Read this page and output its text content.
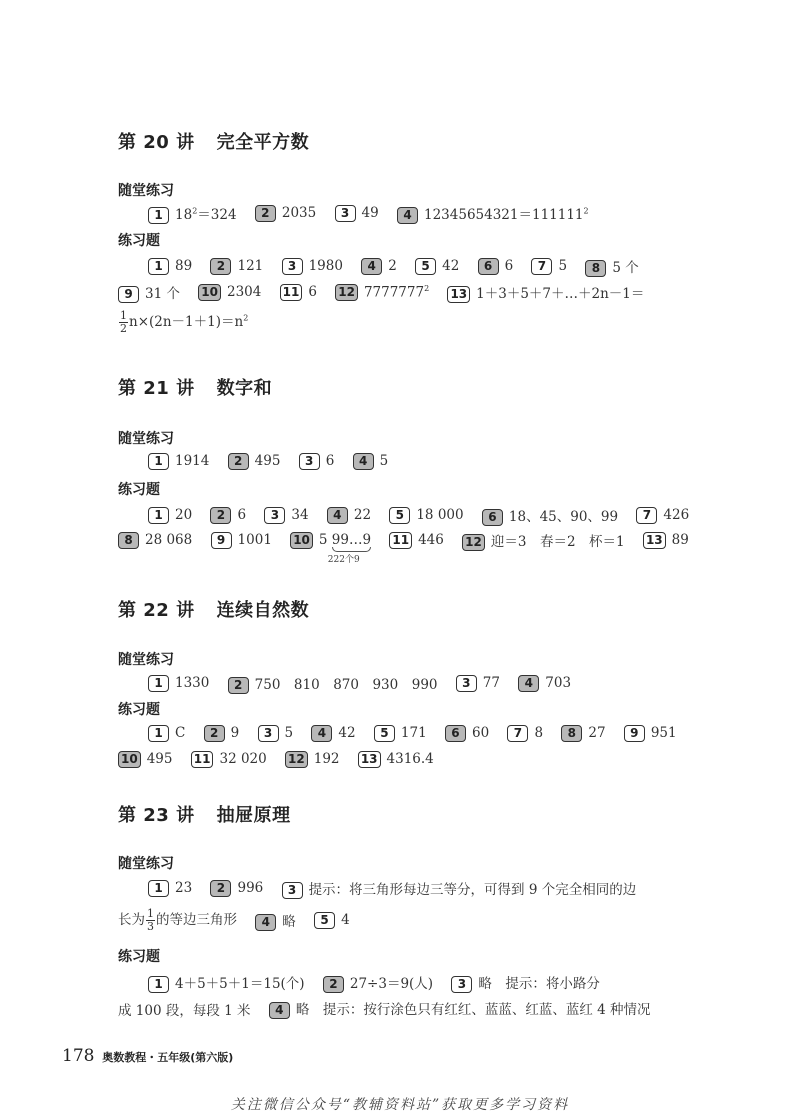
第 20 讲 完全平方数
随堂练习
1 $18^2=324$ 2 2035 3 49 4 $12345654321=111111^2$
练习题
1 89 2 121 3 1980 4 2 5 42 6 6 7 5 8 5 个
9 31 个 10 2304 11 6 12 7777777$^2$ 13 1＋3＋5＋7＋…＋2n－1＝
$\frac{1}{2} n\times(2n-1+1)=n^2$
第 21 讲 数字和
随堂练习
1 1914 2 495 3 6 4 5
练习题
1 20 2 6 3 34 4 22 5 18 000 6 18、45、90、99 7 426
8 28 068 9 1001 10 5 99…9
222个9
11 446 12 迎＝3　春＝2　杯＝1 13 89
第 22 讲 连续自然数
随堂练习
1 1330 2 750　810　870　930　990 3 77 4 703
练习题
1 C 2 9 3 5 4 42 5 171 6 60 7 8 8 27 9 951
10 495 11 32 020 12 192 13 4316.4
第 23 讲 抽屉原理
随堂练习
1 23 2 996 3 提示：将三角形每边三等分，可得到 9 个完全相同的边
长为 $\frac{1}{3}$ 的等边三角形 4 略 5 4
练习题
1 4＋5＋5＋1＝15(个) 2 27÷3＝9(人) 3 略　提示：将小路分
成 100 段，每段 1 米 4 略　提示：按行涂色只有红红、蓝蓝、红蓝、蓝红 4 种情况
178 奥数教程・五年级(第六版)
关注微信公众号“教辅资料站”获取更多学习资料
